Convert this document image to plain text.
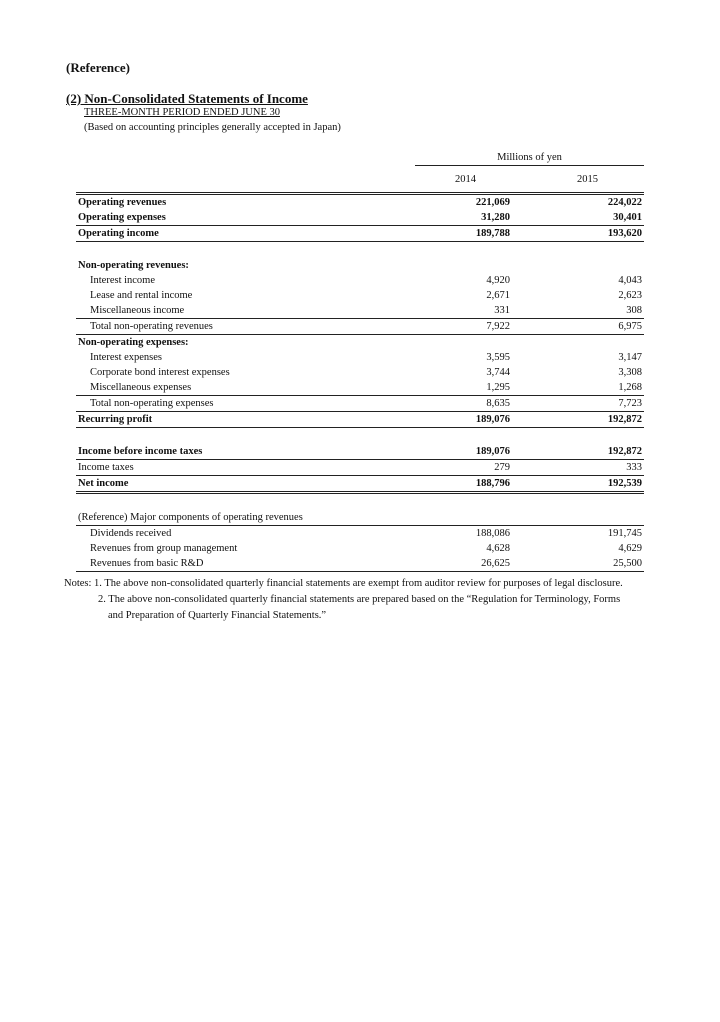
(Reference)
(2) Non-Consolidated Statements of Income
THREE-MONTH PERIOD ENDED JUNE 30
(Based on accounting principles generally accepted in Japan)
Millions of yen
2014	2015
Operating revenues	221,069	224,022
Operating expenses	31,280	30,401
Operating income	189,788	193,620

Non-operating revenues:		
Interest income	4,920	4,043
Lease and rental income	2,671	2,623
Miscellaneous income	331	308
Total non-operating revenues	7,922	6,975
Non-operating expenses:		
Interest expenses	3,595	3,147
Corporate bond interest expenses	3,744	3,308
Miscellaneous expenses	1,295	1,268
Total non-operating expenses	8,635	7,723
Recurring profit	189,076	192,872

Income before income taxes	189,076	192,872
Income taxes	279	333
Net income	188,796	192,539

(Reference) Major components of operating revenues		
Dividends received	188,086	191,745
Revenues from group management	4,628	4,629
Revenues from basic R&D	26,625	25,500
Notes: 1. The above non-consolidated quarterly financial statements are exempt from auditor review for purposes of legal disclosure.
2. The above non-consolidated quarterly financial statements are prepared based on the “Regulation for Terminology, Forms
and Preparation of Quarterly Financial Statements.”
